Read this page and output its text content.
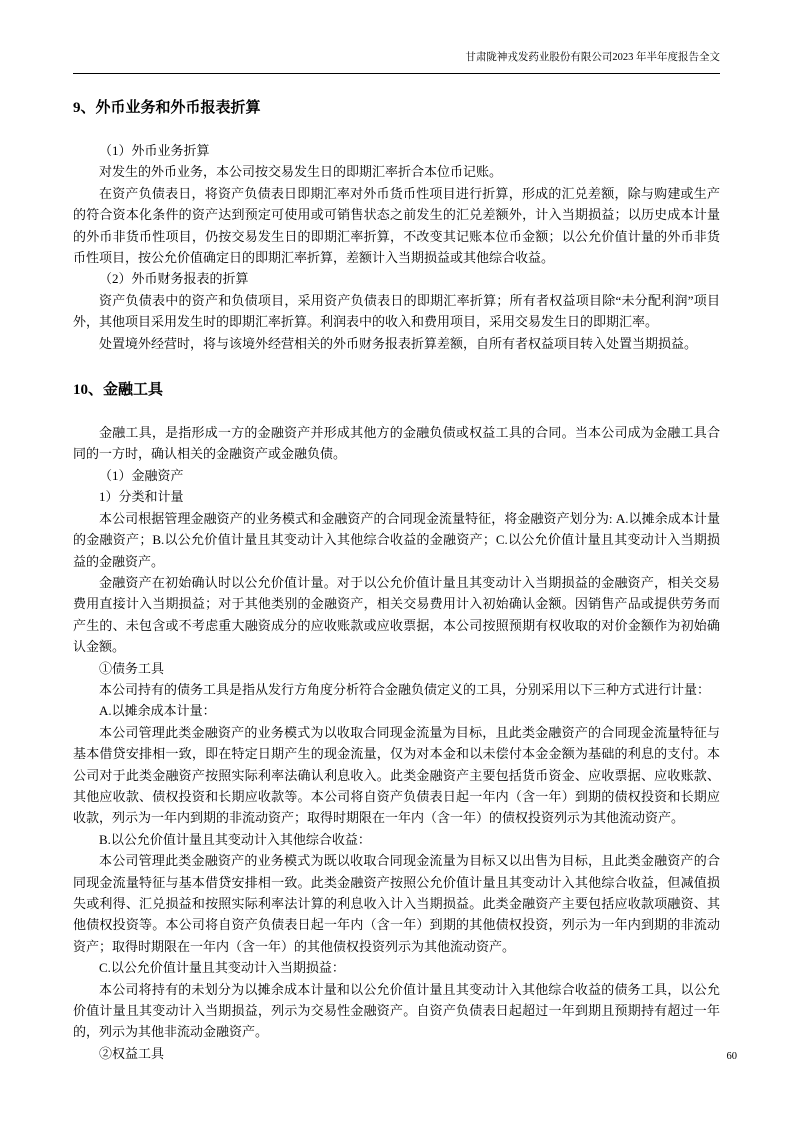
甘肃陇神戎发药业股份有限公司2023 年半年度报告全文
9、外币业务和外币报表折算

（1）外币业务折算

对发生的外币业务，本公司按交易发生日的即期汇率折合本位币记账。

在资产负债表日，将资产负债表日即期汇率对外币货币性项目进行折算，形成的汇兑差额，除与购建或生产的符合资本化条件的资产达到预定可使用或可销售状态之前发生的汇兑差额外，计入当期损益；以历史成本计量的外币非货币性项目，仍按交易发生日的即期汇率折算，不改变其记账本位币金额；以公允价值计量的外币非货币性项目，按公允价值确定日的即期汇率折算，差额计入当期损益或其他综合收益。

（2）外币财务报表的折算

资产负债表中的资产和负债项目，采用资产负债表日的即期汇率折算；所有者权益项目除“未分配利润”项目外，其他项目采用发生时的即期汇率折算。利润表中的收入和费用项目，采用交易发生日的即期汇率。

处置境外经营时，将与该境外经营相关的外币财务报表折算差额，自所有者权益项目转入处置当期损益。

10、金融工具

金融工具，是指形成一方的金融资产并形成其他方的金融负债或权益工具的合同。当本公司成为金融工具合同的一方时，确认相关的金融资产或金融负债。

（1）金融资产

1）分类和计量

本公司根据管理金融资产的业务模式和金融资产的合同现金流量特征，将金融资产划分为: A.以摊余成本计量的金融资产；B.以公允价值计量且其变动计入其他综合收益的金融资产；C.以公允价值计量且其变动计入当期损益的金融资产。

金融资产在初始确认时以公允价值计量。对于以公允价值计量且其变动计入当期损益的金融资产，相关交易费用直接计入当期损益；对于其他类别的金融资产，相关交易费用计入初始确认金额。因销售产品或提供劳务而产生的、未包含或不考虑重大融资成分的应收账款或应收票据，本公司按照预期有权收取的对价金额作为初始确认金额。

①债务工具

本公司持有的债务工具是指从发行方角度分析符合金融负债定义的工具，分别采用以下三种方式进行计量：

A.以摊余成本计量：

本公司管理此类金融资产的业务模式为以收取合同现金流量为目标，且此类金融资产的合同现金流量特征与基本借贷安排相一致，即在特定日期产生的现金流量，仅为对本金和以未偿付本金金额为基础的利息的支付。本公司对于此类金融资产按照实际利率法确认利息收入。此类金融资产主要包括货币资金、应收票据、应收账款、其他应收款、债权投资和长期应收款等。本公司将自资产负债表日起一年内（含一年）到期的债权投资和长期应收款，列示为一年内到期的非流动资产；取得时期限在一年内（含一年）的债权投资列示为其他流动资产。

B.以公允价值计量且其变动计入其他综合收益：

本公司管理此类金融资产的业务模式为既以收取合同现金流量为目标又以出售为目标，且此类金融资产的合同现金流量特征与基本借贷安排相一致。此类金融资产按照公允价值计量且其变动计入其他综合收益，但减值损失或利得、汇兑损益和按照实际利率法计算的利息收入计入当期损益。此类金融资产主要包括应收款项融资、其他债权投资等。本公司将自资产负债表日起一年内（含一年）到期的其他债权投资，列示为一年内到期的非流动资产；取得时期限在一年内（含一年）的其他债权投资列示为其他流动资产。

C.以公允价值计量且其变动计入当期损益：

本公司将持有的未划分为以摊余成本计量和以公允价值计量且其变动计入其他综合收益的债务工具，以公允价值计量且其变动计入当期损益，列示为交易性金融资产。自资产负债表日起超过一年到期且预期持有超过一年的，列示为其他非流动金融资产。

②权益工具	60
